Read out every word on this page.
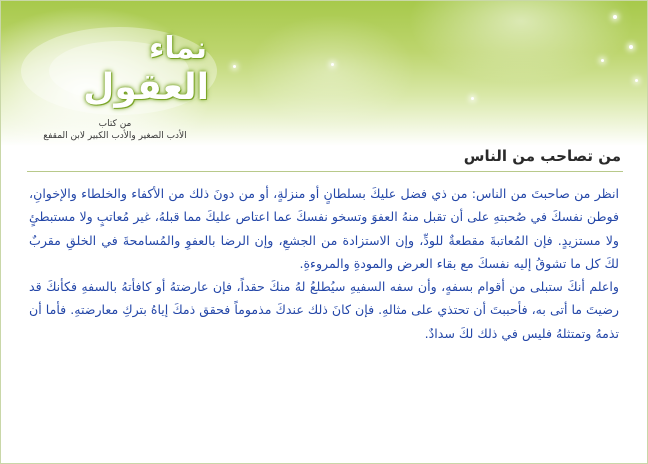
نماء
العقول
من كتاب
الأدب الصغير والأدب الكبير لابن المقفع
من تصاحب من الناس

انظر من صاحبتَ من الناس: من ذي فضل عليكَ بسلطانٍ أو منزلةٍ، أو من دونَ ذلك من الأكفاء والخلطاء والإخوانِ، فوطن نفسكَ في صُحبتهِ على أن تقبل منهُ العفوَ وتسخو نفسكَ عما اعتاص عليكَ مما قبلهُ، غير مُعاتبٍ ولا مستبطئٍ ولا مستزيدٍ. فإن المُعاتبةَ مقطعةٌ للودِّ، وإن الاستزادة من الجشعِ، وإن الرضا بالعفوِ والمُسامحةَ في الخلقِ مقربٌ لكَ كل ما تشوقُ إليه نفسكَ مع بقاء العرض والمودةِ والمروءةِ.

واعلم أنكَ ستبلى من أقوام بسفهٍ، وأن سفه السفيهِ سيُطلعُ لهُ منكَ حقداً، فإن عارضتهُ أو كافأتهُ بالسفهِ فكأنكَ قد رضيتَ ما أتى به، فأحببتَ أن تحتذي على مثالهِ. فإن كانَ ذلك عندكَ مذموماً فحقق ذمكَ إياهُ بتركِ معارضتهِ. فأما أن تذمهُ وتمتثلهُ فليس في ذلك لكَ سدادٌ.
